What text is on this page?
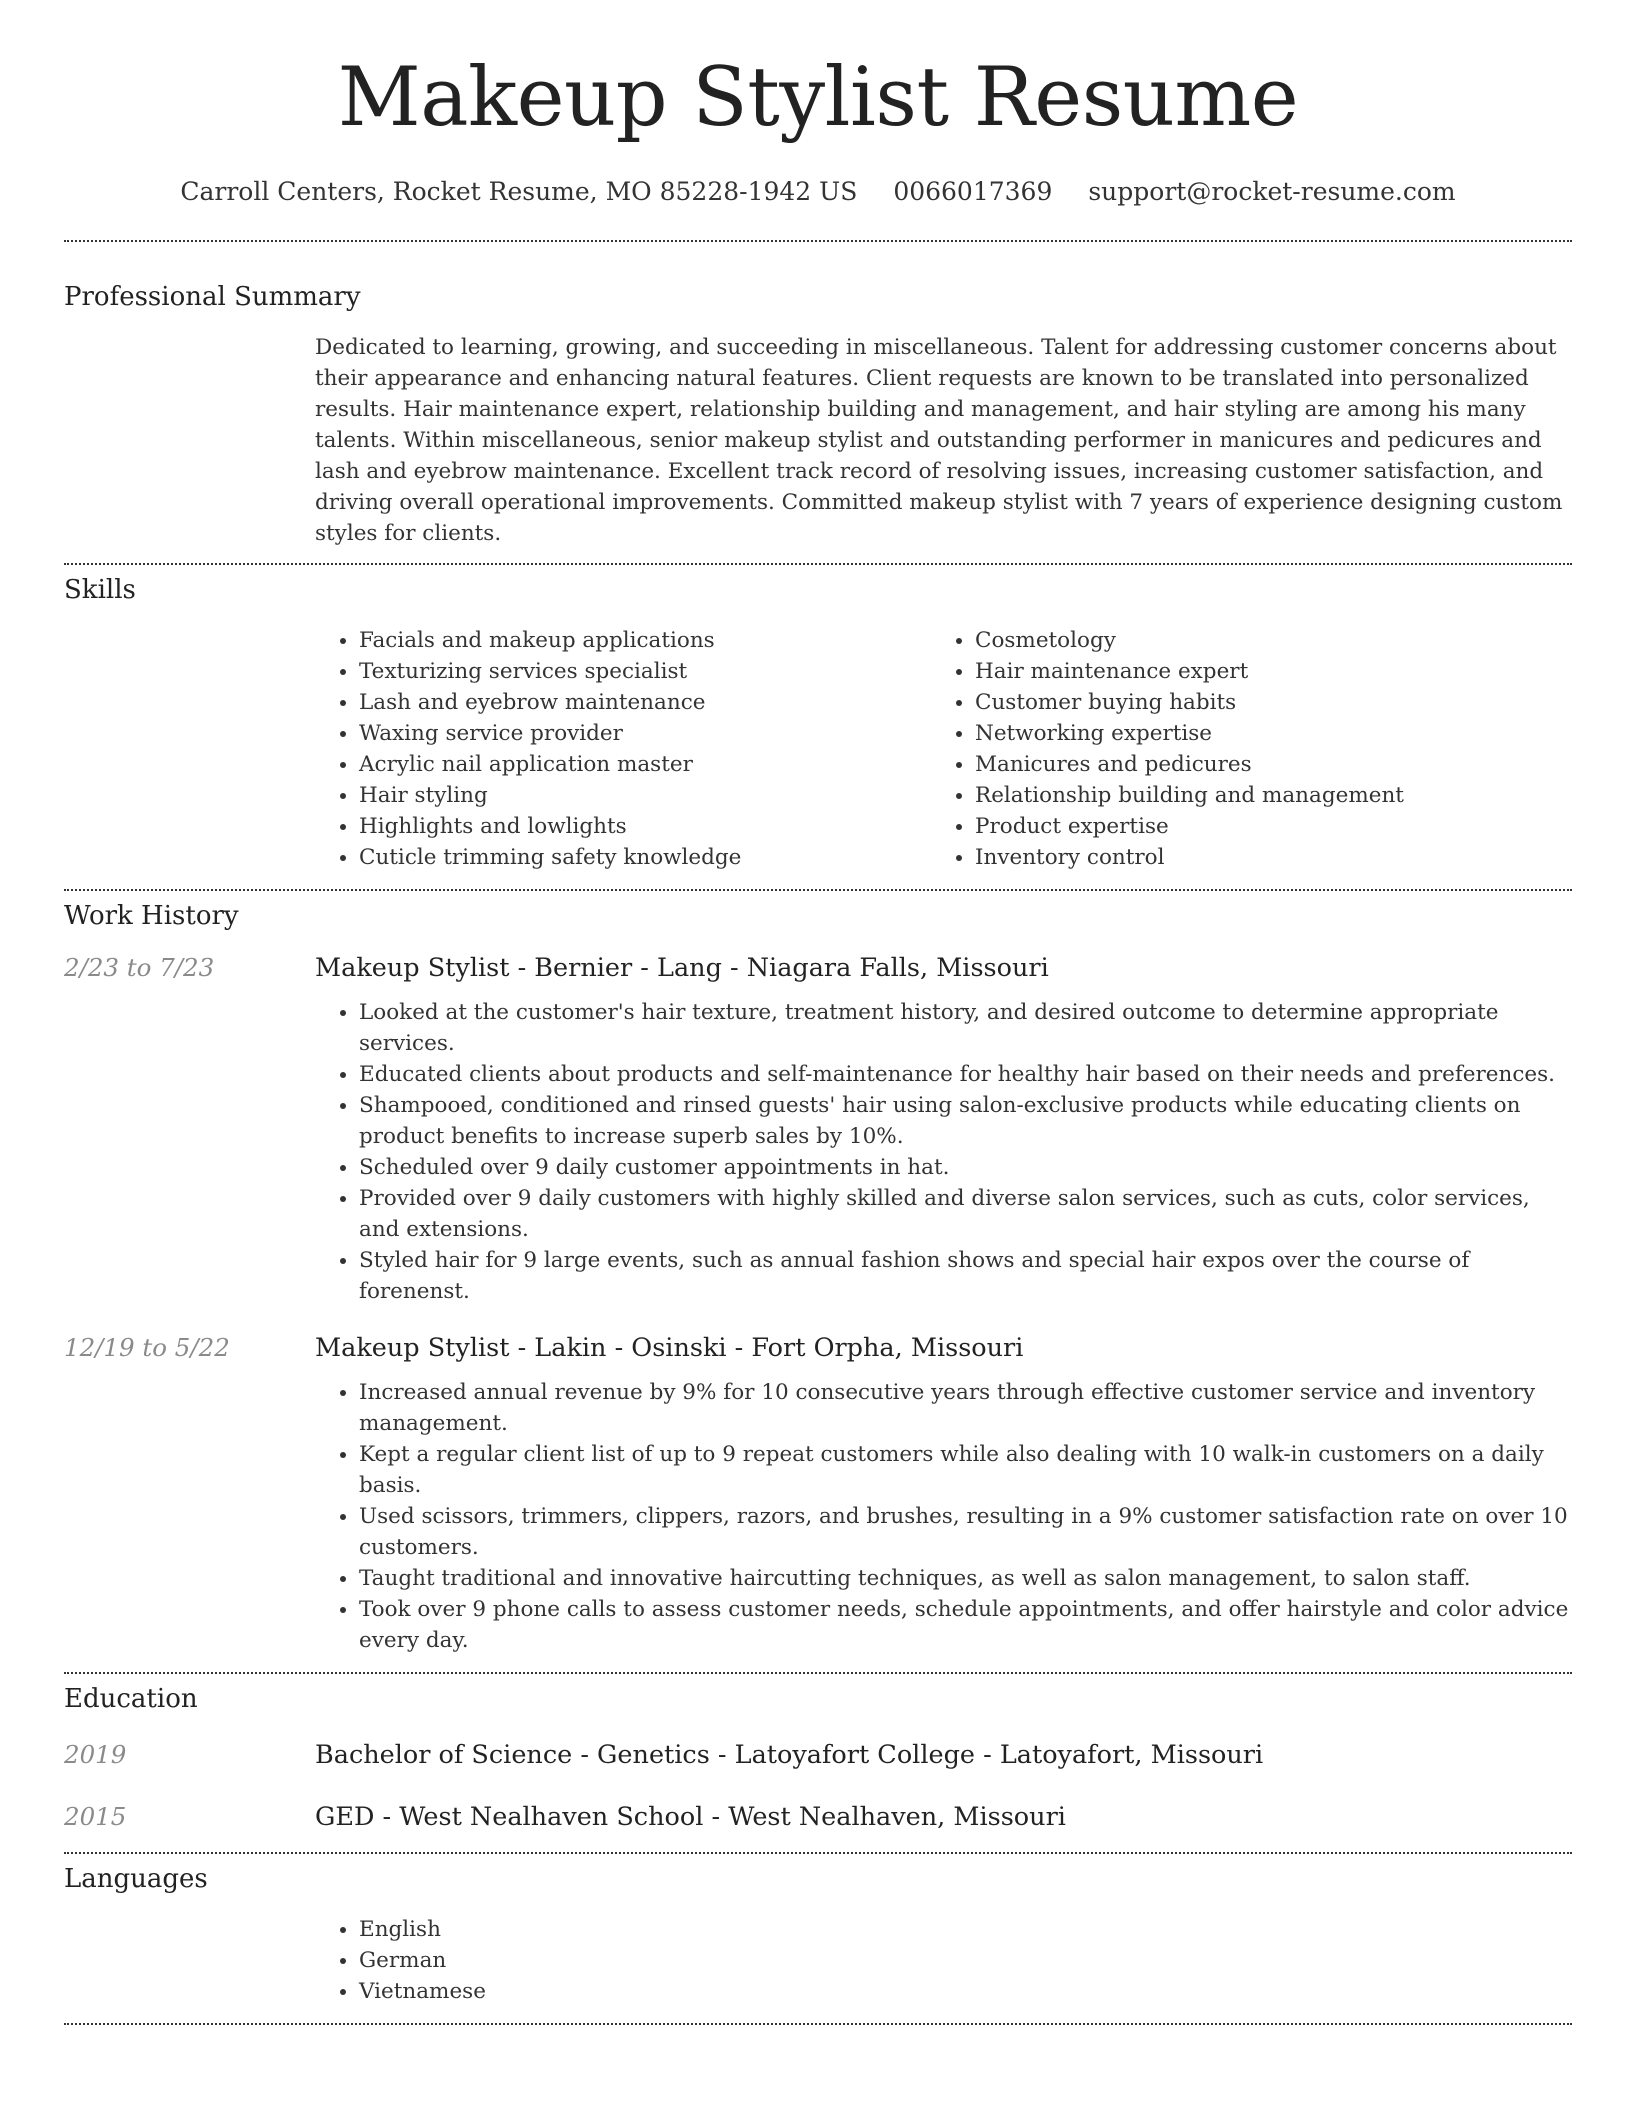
Makeup Stylist Resume
Carroll Centers, Rocket Resume, MO 85228-1942 US 0066017369 support@rocket-resume.com
Professional Summary

Dedicated to learning, growing, and succeeding in miscellaneous. Talent for addressing customer concerns about their appearance and enhancing natural features. Client requests are known to be translated into personalized results. Hair maintenance expert, relationship building and management, and hair styling are among his many talents. Within miscellaneous, senior makeup stylist and outstanding performer in manicures and pedicures and lash and eyebrow maintenance. Excellent track record of resolving issues, increasing customer satisfaction, and driving overall operational improvements. Committed makeup stylist with 7 years of experience designing custom styles for clients.

Skills
• Facials and makeup applications
• Texturizing services specialist
• Lash and eyebrow maintenance
• Waxing service provider
• Acrylic nail application master
• Hair styling
• Highlights and lowlights
• Cuticle trimming safety knowledge
• Cosmetology
• Hair maintenance expert
• Customer buying habits
• Networking expertise
• Manicures and pedicures
• Relationship building and management
• Product expertise
• Inventory control
Work History
2/23 to 7/23	Makeup Stylist - Bernier - Lang - Niagara Falls, Missouri
• Looked at the customer's hair texture, treatment history, and desired outcome to determine appropriate services.
• Educated clients about products and self-maintenance for healthy hair based on their needs and preferences.
• Shampooed, conditioned and rinsed guests' hair using salon-exclusive products while educating clients on product benefits to increase superb sales by 10%.
• Scheduled over 9 daily customer appointments in hat.
• Provided over 9 daily customers with highly skilled and diverse salon services, such as cuts, color services, and extensions.
• Styled hair for 9 large events, such as annual fashion shows and special hair expos over the course of forenenst.
12/19 to 5/22	Makeup Stylist - Lakin - Osinski - Fort Orpha, Missouri
• Increased annual revenue by 9% for 10 consecutive years through effective customer service and inventory management.
• Kept a regular client list of up to 9 repeat customers while also dealing with 10 walk-in customers on a daily basis.
• Used scissors, trimmers, clippers, razors, and brushes, resulting in a 9% customer satisfaction rate on over 10 customers.
• Taught traditional and innovative haircutting techniques, as well as salon management, to salon staff.
• Took over 9 phone calls to assess customer needs, schedule appointments, and offer hairstyle and color advice every day.
Education
2019	Bachelor of Science - Genetics - Latoyafort College - Latoyafort, Missouri
2015	GED - West Nealhaven School - West Nealhaven, Missouri
Languages
• English
• German
• Vietnamese
